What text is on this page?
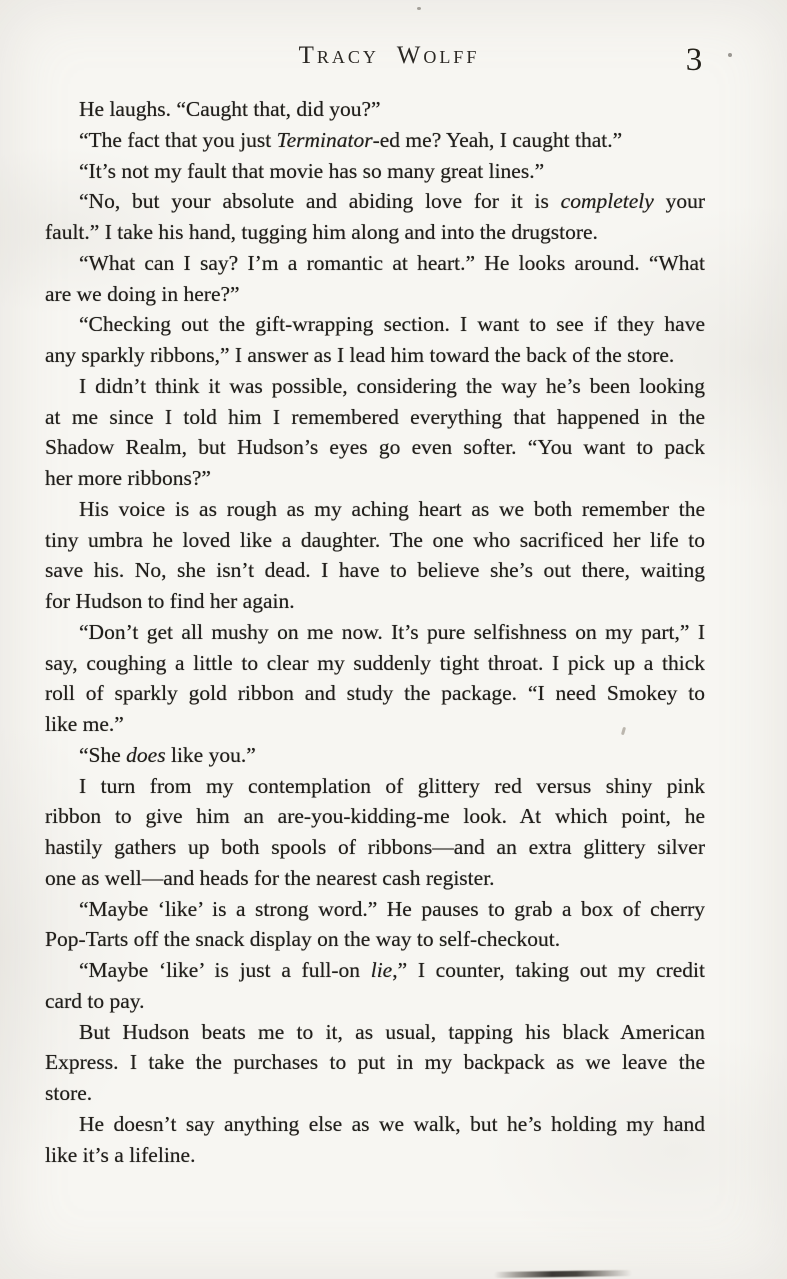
Tracy Wolff	3
He laughs. “Caught that, did you?”
“The fact that you just Terminator-ed me? Yeah, I caught that.”
“It’s not my fault that movie has so many great lines.”
“No, but your absolute and abiding love for it is completely your
fault.” I take his hand, tugging him along and into the drugstore.
“What can I say? I’m a romantic at heart.” He looks around. “What
are we doing in here?”
“Checking out the gift-wrapping section. I want to see if they have
any sparkly ribbons,” I answer as I lead him toward the back of the store.
I didn’t think it was possible, considering the way he’s been looking
at me since I told him I remembered everything that happened in the
Shadow Realm, but Hudson’s eyes go even softer. “You want to pack
her more ribbons?”
His voice is as rough as my aching heart as we both remember the
tiny umbra he loved like a daughter. The one who sacrificed her life to
save his. No, she isn’t dead. I have to believe she’s out there, waiting
for Hudson to find her again.
“Don’t get all mushy on me now. It’s pure selfishness on my part,” I
say, coughing a little to clear my suddenly tight throat. I pick up a thick
roll of sparkly gold ribbon and study the package. “I need Smokey to
like me.”
“She does like you.”
I turn from my contemplation of glittery red versus shiny pink
ribbon to give him an are-you-kidding-me look. At which point, he
hastily gathers up both spools of ribbons—and an extra glittery silver
one as well—and heads for the nearest cash register.
“Maybe ‘like’ is a strong word.” He pauses to grab a box of cherry
Pop-Tarts off the snack display on the way to self-checkout.
“Maybe ‘like’ is just a full-on lie,” I counter, taking out my credit
card to pay.
But Hudson beats me to it, as usual, tapping his black American
Express. I take the purchases to put in my backpack as we leave the
store.
He doesn’t say anything else as we walk, but he’s holding my hand
like it’s a lifeline.
